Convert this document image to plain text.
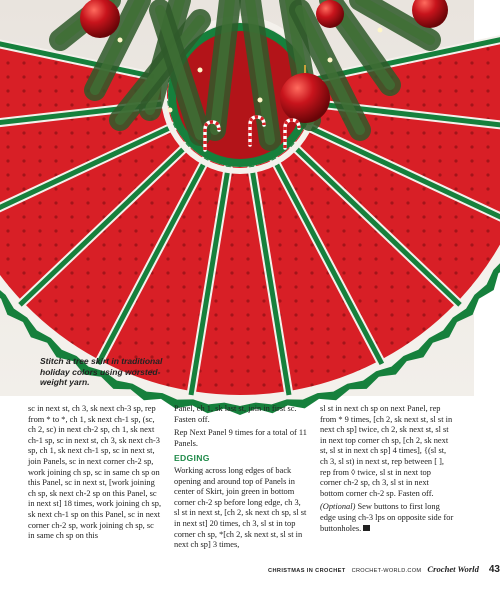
Stitch a tree skirt in traditional holiday colors using worsted-weight yarn.

sc in next st, ch 3, sk next ch-3 sp, rep from * to *, ch 1, sk next ch-1 sp, (sc, ch 2, sc) in next ch-2 sp, ch 1, sk next ch-1 sp, sc in next st, ch 3, sk next ch-3 sp, ch 1, sk next ch-1 sp, sc in next st, join Panels, sc in next corner ch-2 sp, work joining ch sp, sc in same ch sp on this Panel, sc in next st, [work joining ch sp, sk next ch-2 sp on this Panel, sc in next st] 18 times, work joining ch sp, sk next ch-1 sp on this Panel, sc in next corner ch-2 sp, work joining ch sp, sc in same ch sp on this

Panel, ch 1, sk last st, join in first sc. Fasten off.

Rep Next Panel 9 times for a total of 11 Panels.

EDGING

Working across long edges of back opening and around top of Panels in center of Skirt, join green in bottom corner ch-2 sp before long edge, ch 3, sl st in next st, [ch 2, sk next ch sp, sl st in next st] 20 times, ch 3, sl st in top corner ch sp, *[ch 2, sk next st, sl st in next ch sp] 3 times,

sl st in next ch sp on next Panel, rep from * 9 times, [ch 2, sk next st, sl st in next ch sp] twice, ch 2, sk next st, sl st in next top corner ch sp, [ch 2, sk next st, sl st in next ch sp] 4 times], {(sl st, ch 3, sl st) in next st, rep between [ ], rep from ◊ twice, sl st in next top corner ch-2 sp, ch 3, sl st in next bottom corner ch-2 sp. Fasten off.

(Optional) Sew buttons to first long edge using ch-3 lps on opposite side for buttonholes.

CHRISTMAS IN CROCHET CROCHET-WORLD.COM Crochet World 43
